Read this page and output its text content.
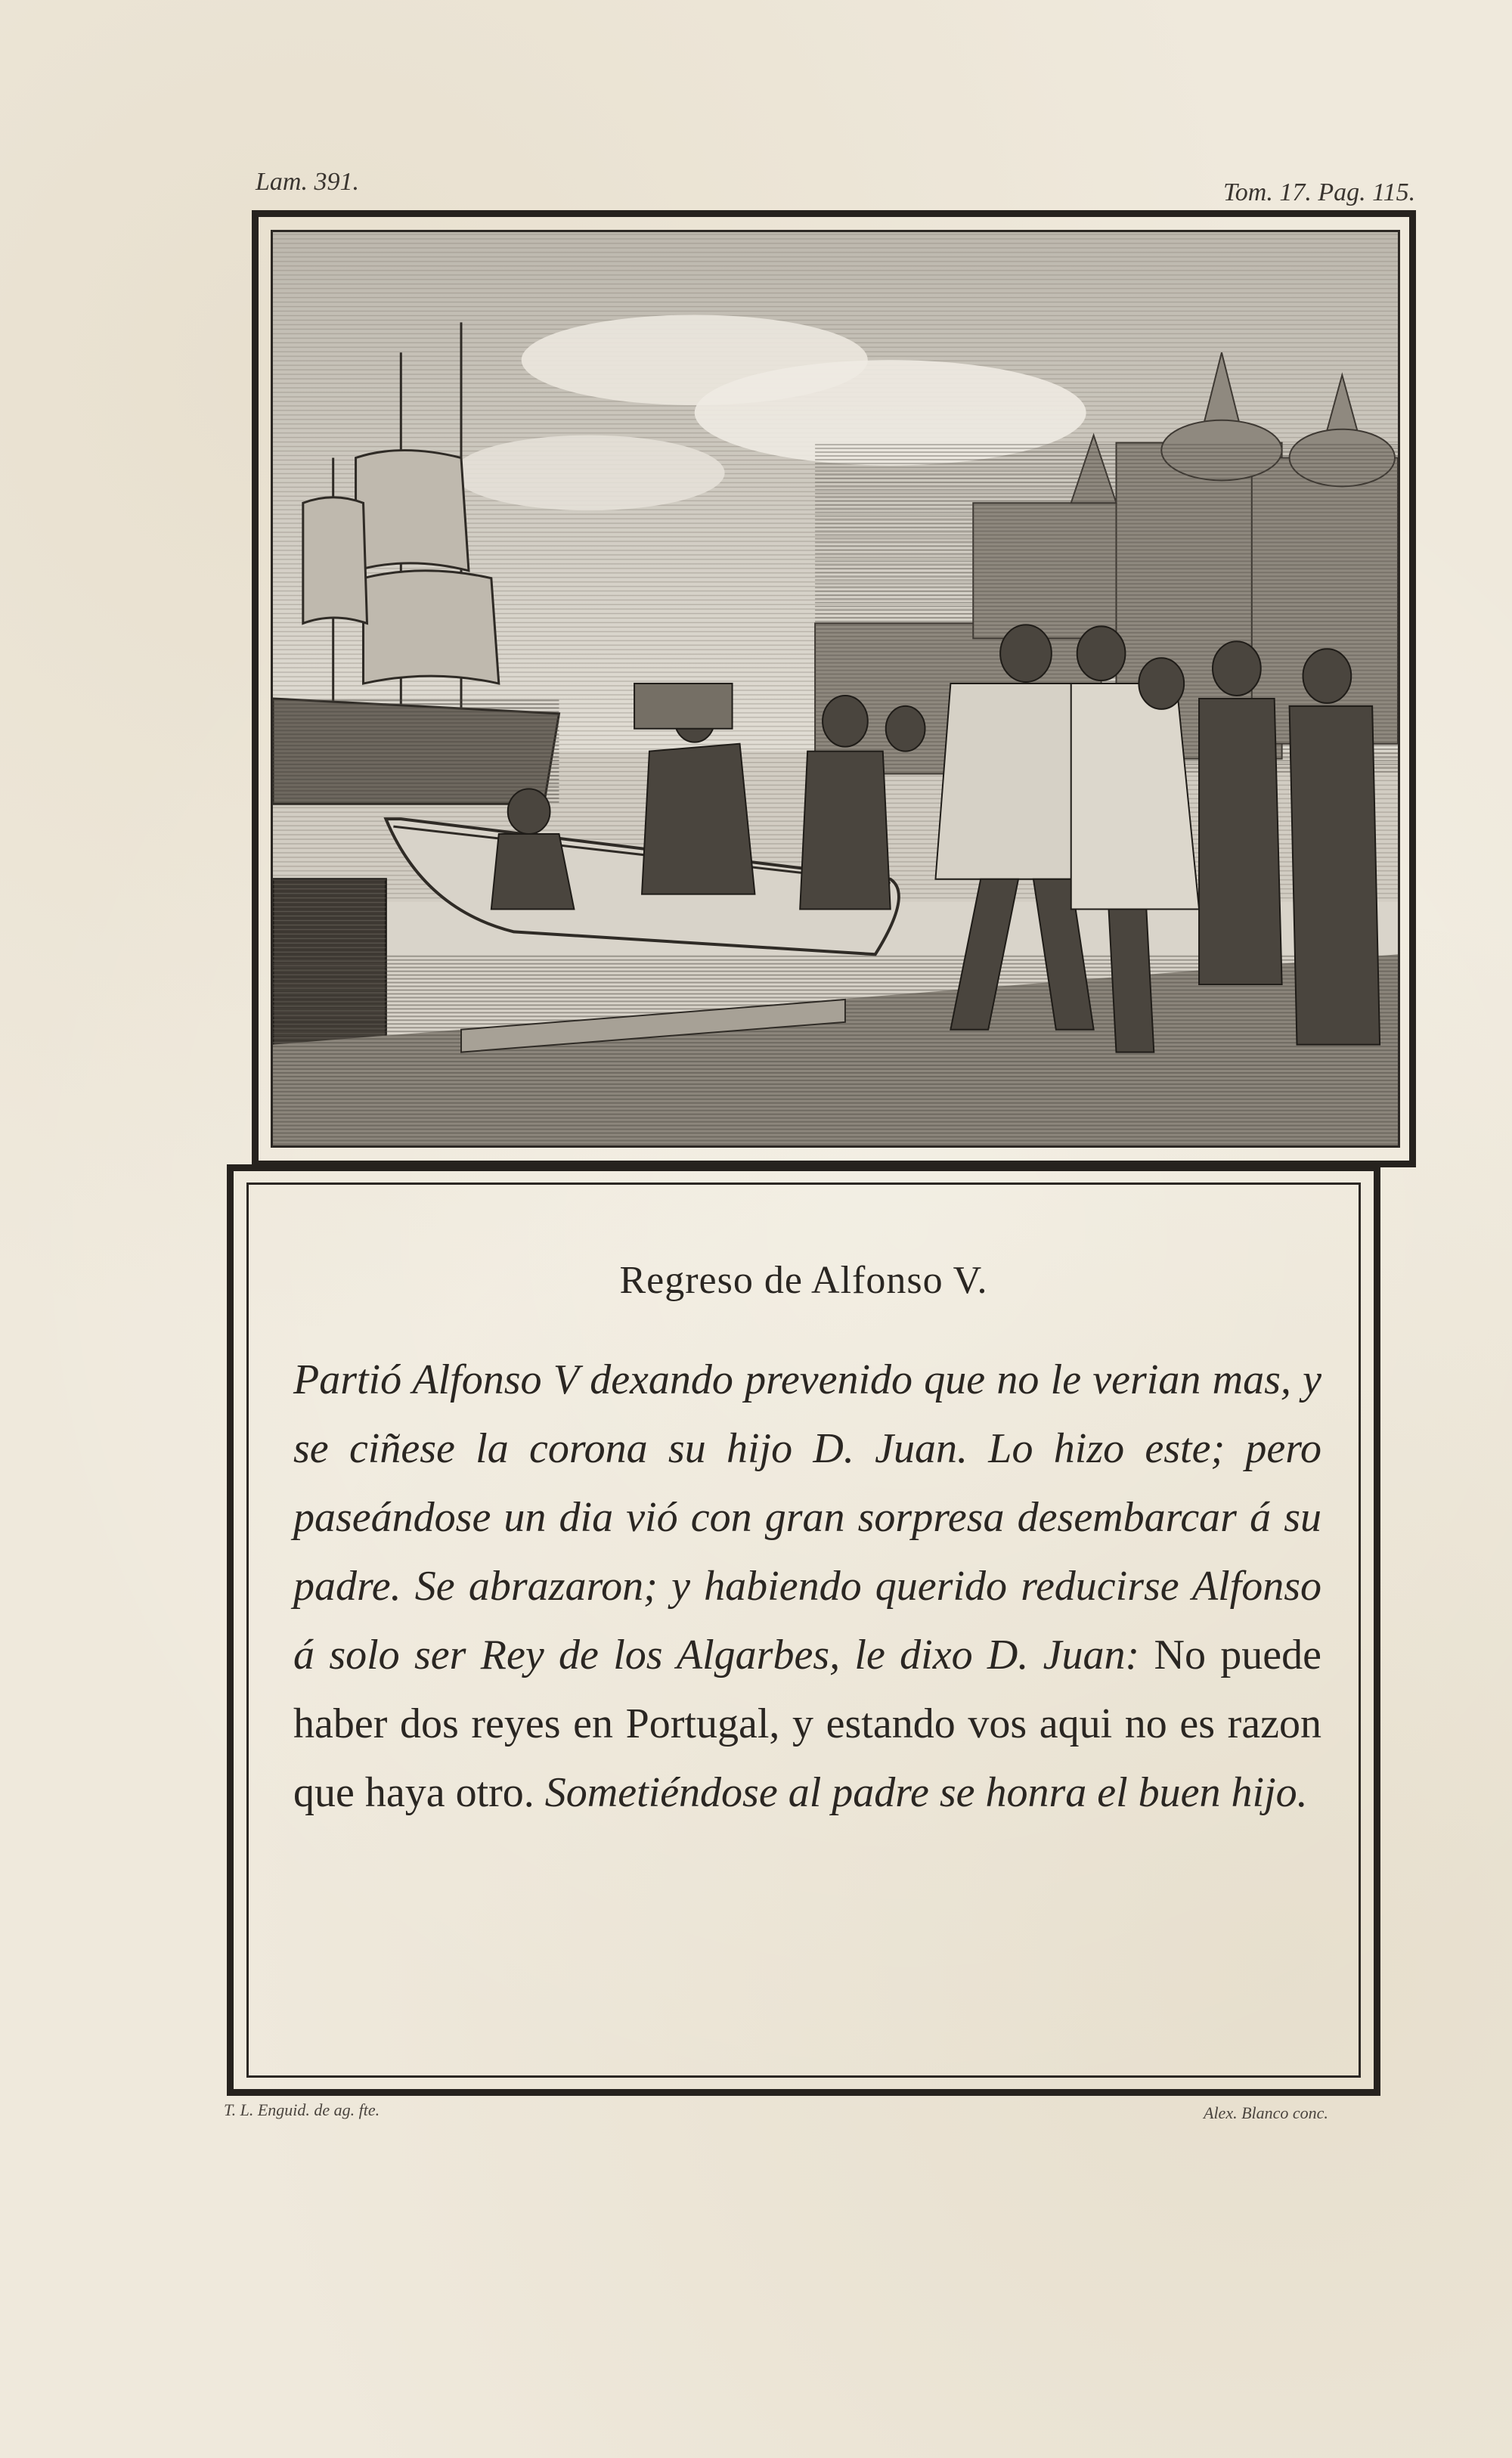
Lam. 391.	Tom. 17. Pag. 115.
Regreso de Alfonso V.
Partió Alfonso V dexando prevenido que no le verian mas, y se ciñese la corona su hijo D. Juan. Lo hizo este; pero paseándose un dia vió con gran sorpresa desembarcar á su padre. Se abrazaron; y habiendo querido reducirse Alfonso á solo ser Rey de los Algarbes, le dixo D. Juan: No puede haber dos reyes en Portugal, y estando vos aqui no es razon que haya otro. Sometiéndose al padre se honra el buen hijo.
T. L. Enguid. de ag. fte.	Alex. Blanco conc.
